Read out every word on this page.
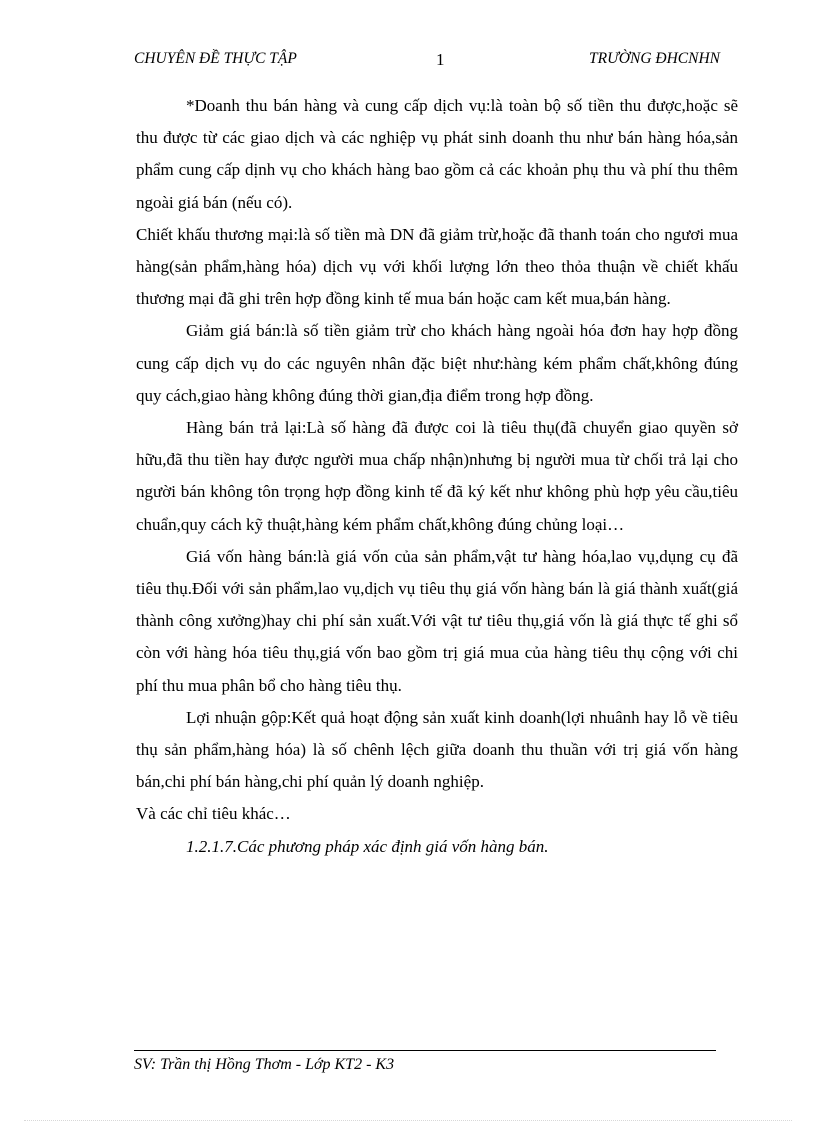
CHUYÊN ĐỀ THỰC TẬP	1	TRƯỜNG ĐHCNHN

*Doanh thu bán hàng và cung cấp dịch vụ:là toàn bộ số tiền thu được,hoặc sẽ thu được từ các giao dịch và các nghiệp vụ phát sinh doanh thu như bán hàng hóa,sản phẩm cung cấp dịnh vụ cho khách hàng bao gồm cả các khoản phụ thu và phí thu thêm ngoài giá bán (nếu có).

Chiết khấu thương mại:là số tiền mà DN đã giảm trừ,hoặc đã thanh toán cho ngươi mua hàng(sản phẩm,hàng hóa) dịch vụ với khối lượng lớn theo thỏa thuận về chiết khấu thương mại đã ghi trên hợp đồng kinh tế mua bán hoặc cam kết mua,bán hàng.

Giảm giá bán:là số tiền giảm trừ cho khách hàng ngoài hóa đơn hay hợp đồng cung cấp dịch vụ do các nguyên nhân đặc biệt như:hàng kém phẩm chất,không đúng quy cách,giao hàng không đúng thời gian,địa điểm trong hợp đồng.

Hàng bán trả lại:Là số hàng đã được coi là tiêu thụ(đã chuyển giao quyền sở hữu,đã thu tiền hay được người mua chấp nhận)nhưng bị người mua từ chối trả lại cho người bán không tôn trọng hợp đồng kinh tế đã ký kết như không phù hợp yêu cầu,tiêu chuẩn,quy cách kỹ thuật,hàng kém phẩm chất,không đúng chủng loại…

Giá vốn hàng bán:là giá vốn của sản phẩm,vật tư hàng hóa,lao vụ,dụng cụ đã tiêu thụ.Đối với sản phẩm,lao vụ,dịch vụ tiêu thụ giá vốn hàng bán là giá thành xuất(giá thành công xưởng)hay chi phí sản xuất.Với vật tư tiêu thụ,giá vốn là giá thực tế ghi sổ còn với hàng hóa tiêu thụ,giá vốn bao gồm trị giá mua của hàng tiêu thụ cộng với chi phí thu mua phân bổ cho hàng tiêu thụ.

Lợi nhuận gộp:Kết quả hoạt động sản xuất kinh doanh(lợi nhuânh hay lỗ về tiêu thụ sản phẩm,hàng hóa) là số chênh lệch giữa doanh thu thuần với trị giá vốn hàng bán,chi phí bán hàng,chi phí quản lý doanh nghiệp.

Và các chỉ tiêu khác…

1.2.1.7.Các phương pháp xác định giá vốn hàng bán.

SV: Trần thị Hồng Thơm - Lớp KT2 - K3
